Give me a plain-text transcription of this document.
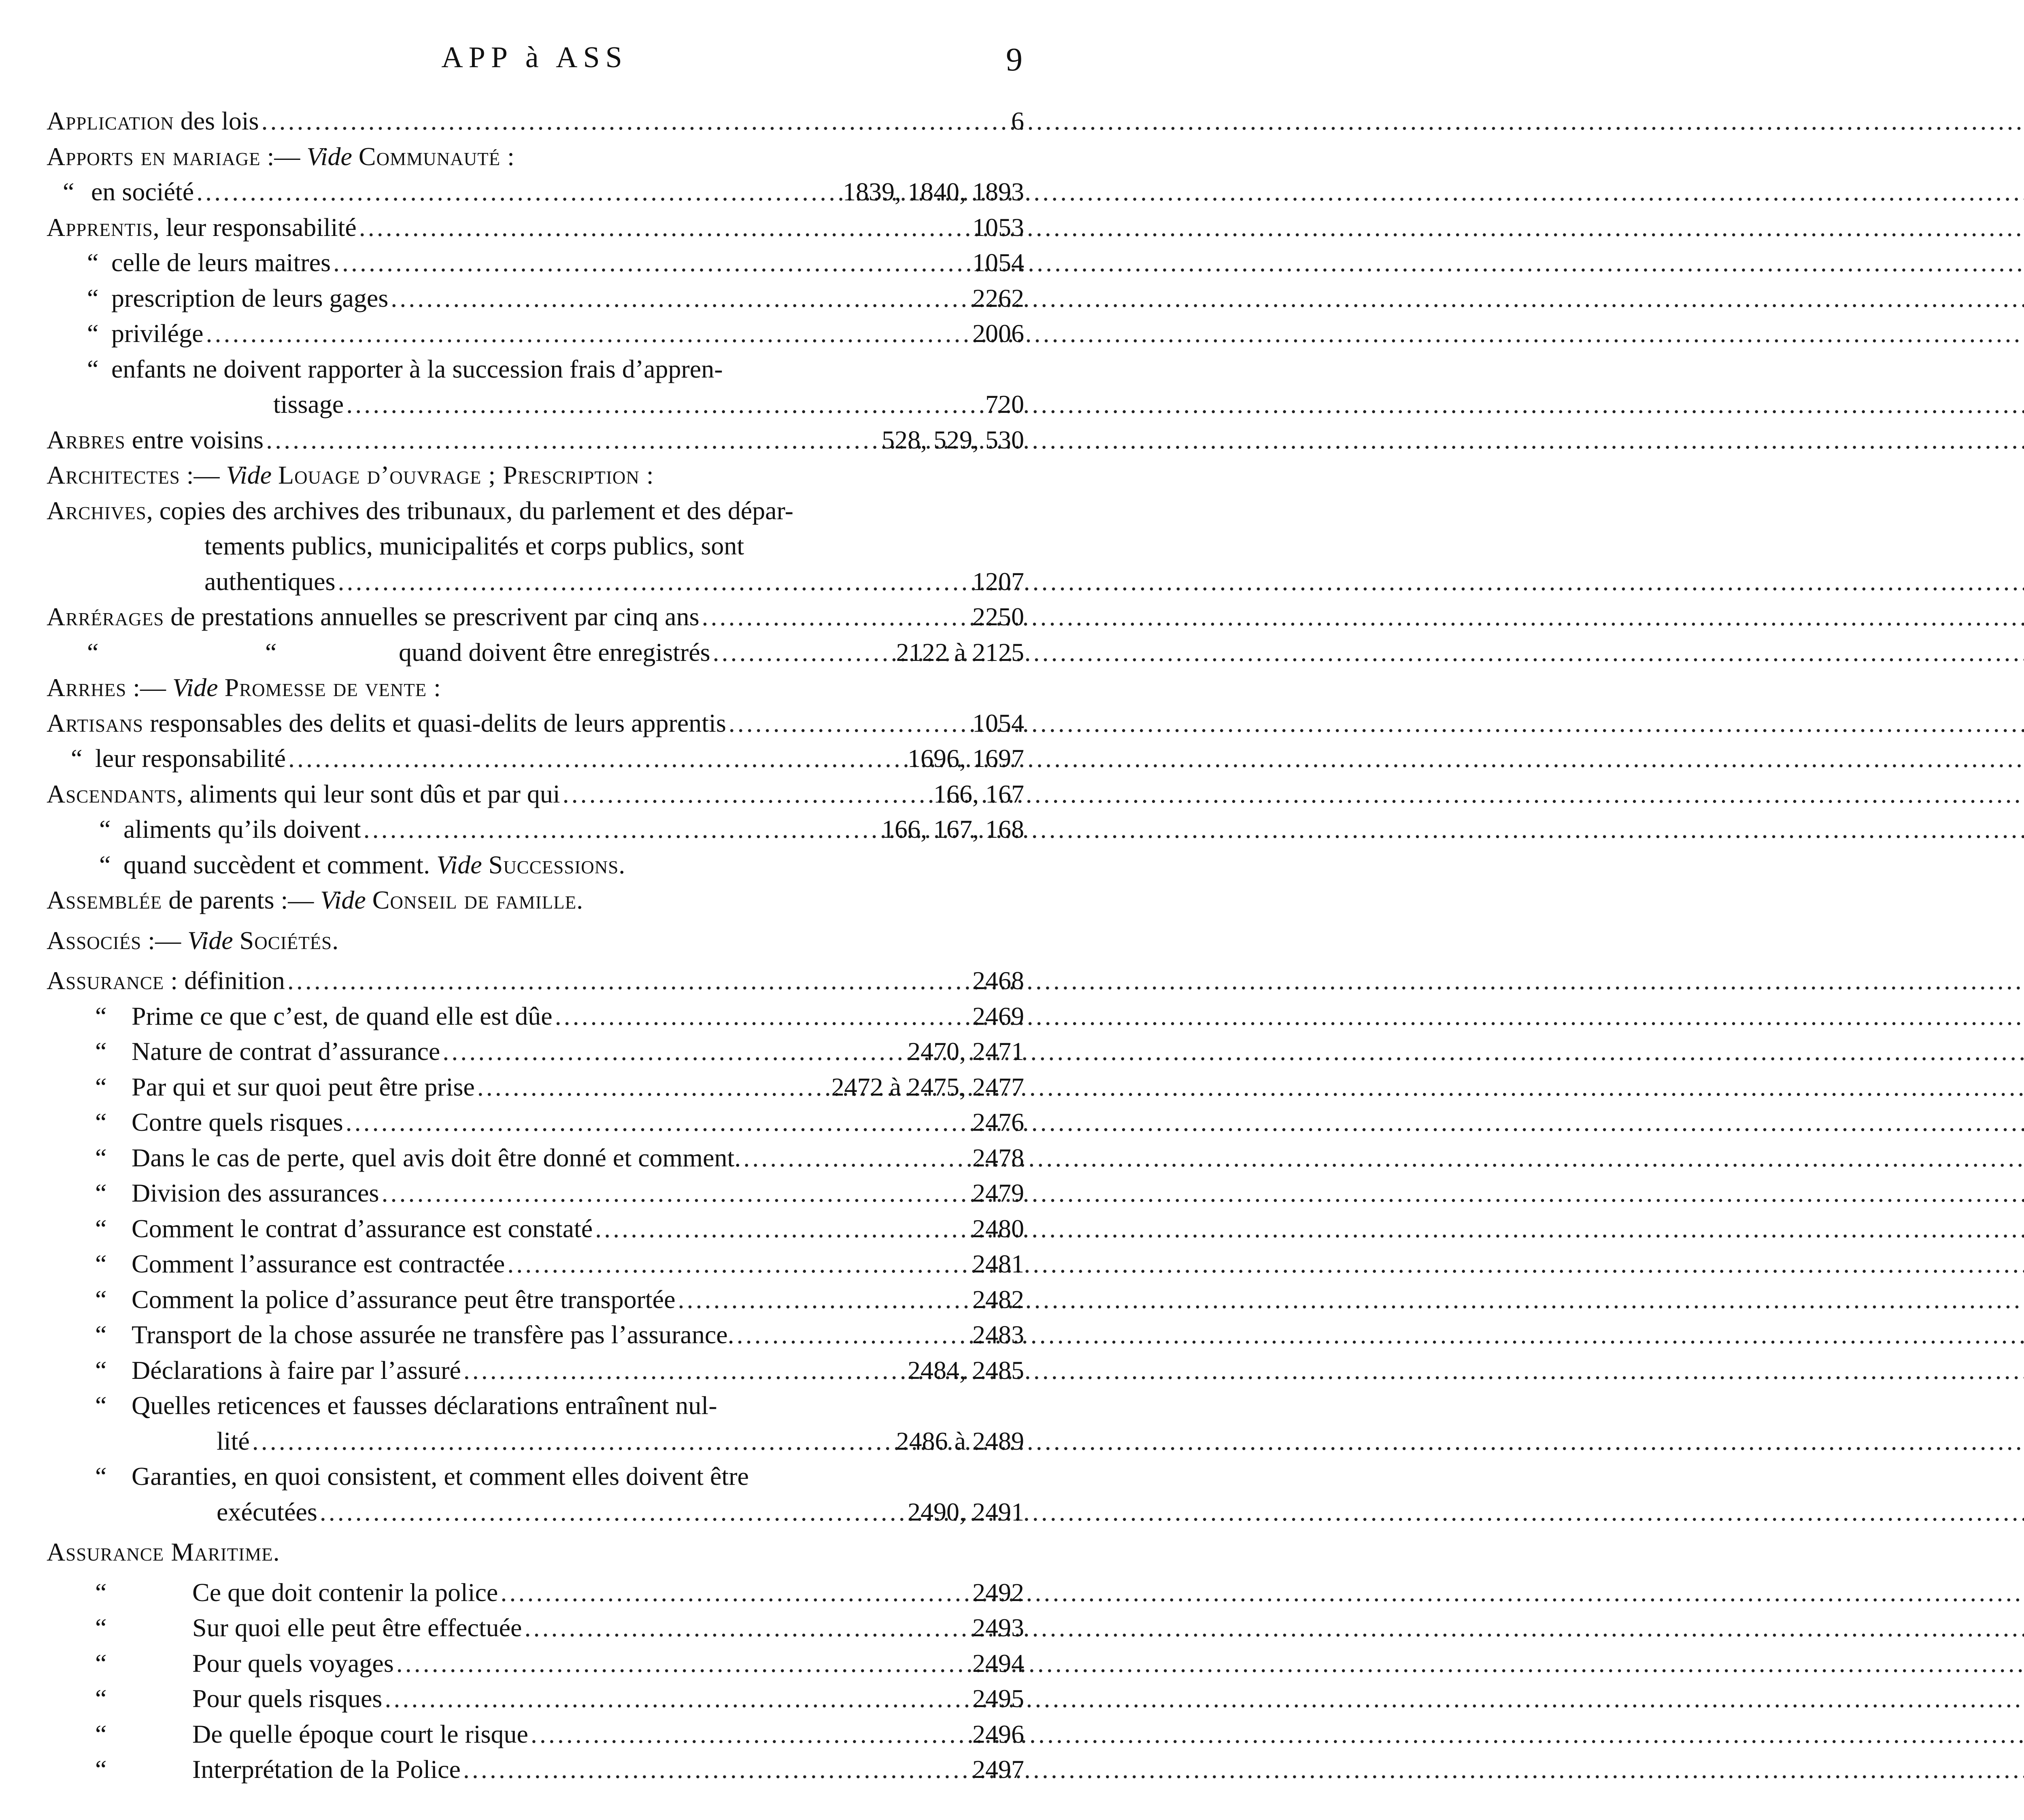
APP à ASS	9
Application des lois .....	6
Apports en mariage :— Vide Communauté :
“ en société .....	1839, 1840, 1893
Apprentis, leur responsabilité .....	1053
“ celle de leurs maitres .....	1054
“ prescription de leurs gages .....	2262
“ privilége .....	2006
“ enfants ne doivent rapporter à la succession frais d’appren-
tissage .....	720
Arbres entre voisins .....	528, 529, 530
Architectes :— Vide Louage d’ouvrage ; Prescription :
Archives, copies des archives des tribunaux, du parlement et des dépar-
tements publics, municipalités et corps publics, sont
authentiques .....	1207
Arrérages de prestations annuelles se prescrivent par cinq ans .....	2250
“	“	quand doivent être enregistrés .....	2122 à 2125
Arrhes :— Vide Promesse de vente :
Artisans responsables des delits et quasi-delits de leurs apprentis .....	1054
“ leur responsabilité .....	1696, 1697
Ascendants, aliments qui leur sont dûs et par qui .....	166, 167
“ aliments qu’ils doivent .....	166, 167, 168
“ quand succèdent et comment. Vide Successions.
Assemblée de parents :— Vide Conseil de famille.
Associés :— Vide Sociétés.
Assurance : définition .....	2468
“ Prime ce que c’est, de quand elle est dûe .....	2469
“ Nature de contrat d’assurance .....	2470, 2471
“ Par qui et sur quoi peut être prise .....	2472 à 2475, 2477
“ Contre quels risques .....	2476
“ Dans le cas de perte, quel avis doit être donné et comment. .....	2478
“ Division des assurances .....	2479
“ Comment le contrat d’assurance est constaté .....	2480
“ Comment l’assurance est contractée .....	2481
“ Comment la police d’assurance peut être transportée .....	2482
“ Transport de la chose assurée ne transfère pas l’assurance. .....	2483
“ Déclarations à faire par l’assuré .....	2484, 2485
“ Quelles reticences et fausses déclarations entraînent nul-
lité .....	2486 à 2489
“ Garanties, en quoi consistent, et comment elles doivent être
exécutées .....	2490, 2491
Assurance Maritime.
“	Ce que doit contenir la police .....	2492
“	Sur quoi elle peut être effectuée .....	2493
“	Pour quels voyages .....	2494
“	Pour quels risques .....	2495
“	De quelle époque court le risque .....	2496
“	Interprétation de la Police .....	2497
